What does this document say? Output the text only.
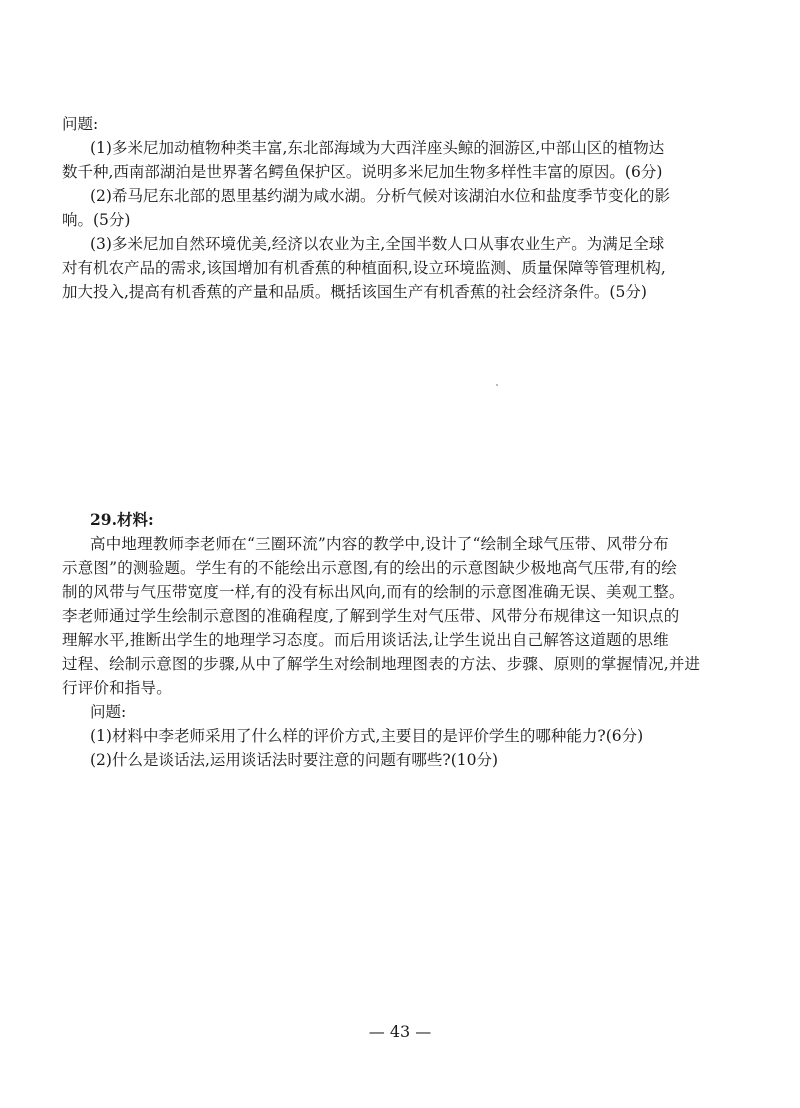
问题:
(1)多米尼加动植物种类丰富,东北部海域为大西洋座头鲸的洄游区,中部山区的植物达
数千种,西南部湖泊是世界著名鳄鱼保护区。说明多米尼加生物多样性丰富的原因。(6分)
(2)希马尼东北部的恩里基约湖为咸水湖。分析气候对该湖泊水位和盐度季节变化的影
响。(5分)
(3)多米尼加自然环境优美,经济以农业为主,全国半数人口从事农业生产。为满足全球
对有机农产品的需求,该国增加有机香蕉的种植面积,设立环境监测、质量保障等管理机构,
加大投入,提高有机香蕉的产量和品质。概括该国生产有机香蕉的社会经济条件。(5分)
29.材料:
高中地理教师李老师在“三圈环流”内容的教学中,设计了“绘制全球气压带、风带分布
示意图”的测验题。学生有的不能绘出示意图,有的绘出的示意图缺少极地高气压带,有的绘
制的风带与气压带宽度一样,有的没有标出风向,而有的绘制的示意图准确无误、美观工整。
李老师通过学生绘制示意图的准确程度,了解到学生对气压带、风带分布规律这一知识点的
理解水平,推断出学生的地理学习态度。而后用谈话法,让学生说出自己解答这道题的思维
过程、绘制示意图的步骤,从中了解学生对绘制地理图表的方法、步骤、原则的掌握情况,并进
行评价和指导。
问题:
(1)材料中李老师采用了什么样的评价方式,主要目的是评价学生的哪种能力?(6分)
(2)什么是谈话法,运用谈话法时要注意的问题有哪些?(10分)
— 43 —
